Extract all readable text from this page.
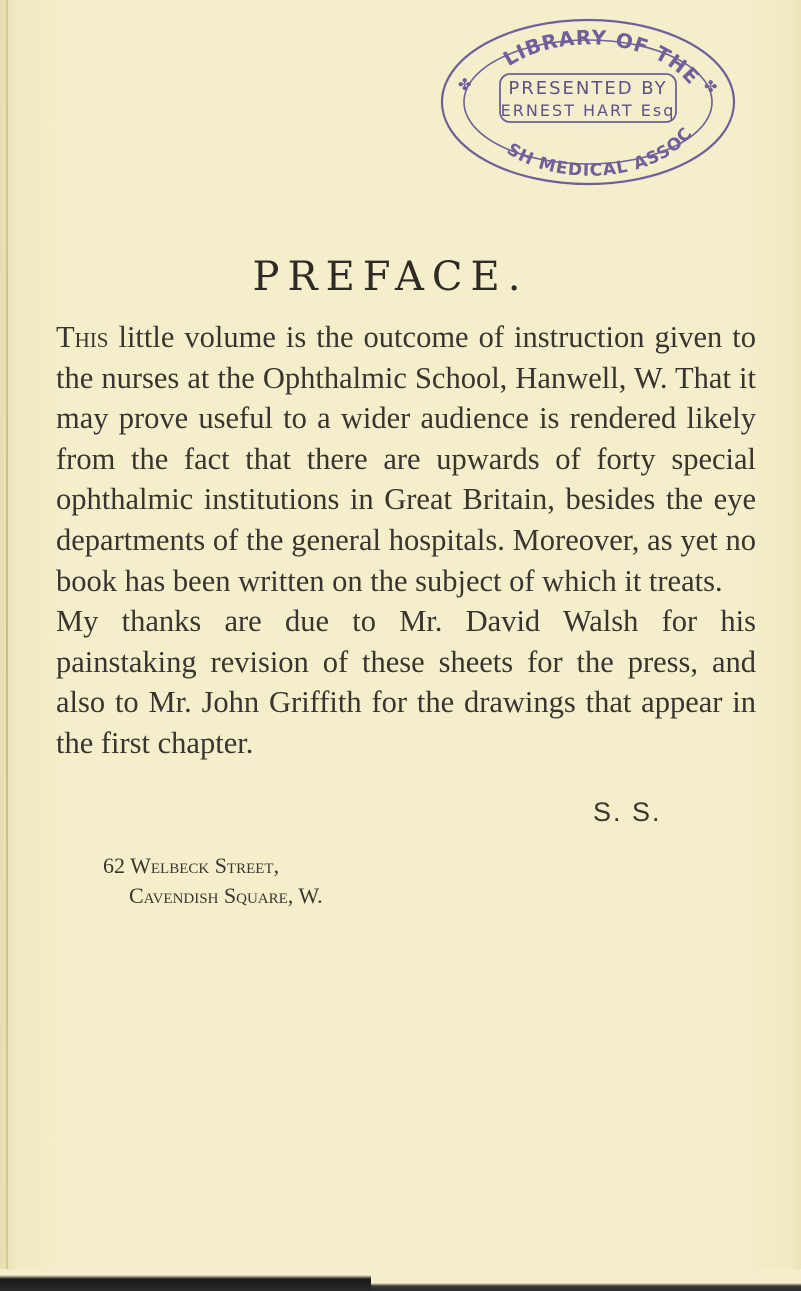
LIBRARY OF THE
SH MEDICAL ASSOC
PRESENTED BY
ERNEST HART Esq
✤	✤
PREFACE.

This little volume is the outcome of instruction given to the nurses at the Ophthalmic School, Hanwell, W. That it may prove useful to a wider audience is rendered likely from the fact that there are upwards of forty special ophthalmic institutions in Great Britain, besides the eye departments of the general hospitals. Moreover, as yet no book has been written on the subject of which it treats.

My thanks are due to Mr. David Walsh for his painstaking revision of these sheets for the press, and also to Mr. John Griffith for the drawings that appear in the first chapter.

S. S.
62 Welbeck Street,
Cavendish Square, W.
